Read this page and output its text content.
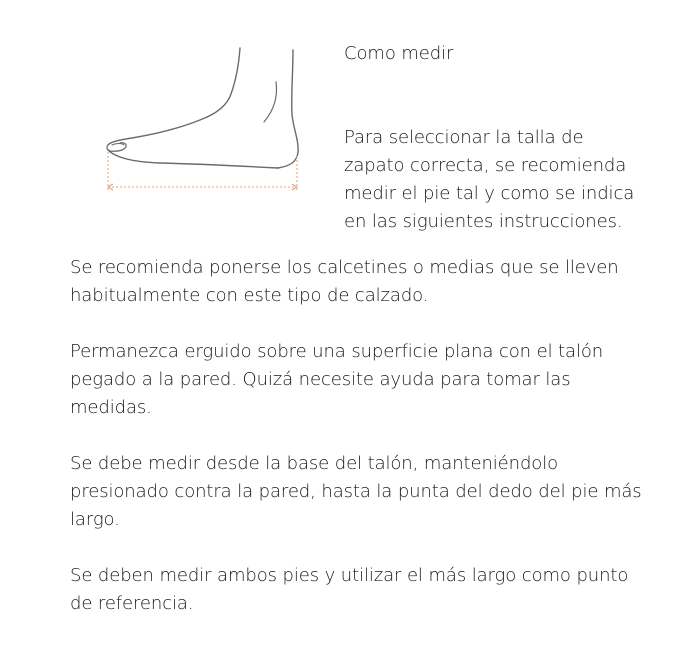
Como medir

Para seleccionar la talla de zapato correcta, se recomienda medir el pie tal y como se indica en las siguientes instrucciones.

Se recomienda ponerse los calcetines o medias que se lleven habitualmente con este tipo de calzado.

Permanezca erguido sobre una superficie plana con el talón pegado a la pared. Quizá necesite ayuda para tomar las medidas.

Se debe medir desde la base del talón, manteniéndolo presionado contra la pared, hasta la punta del dedo del pie más largo.

Se deben medir ambos pies y utilizar el más largo como punto de referencia.
